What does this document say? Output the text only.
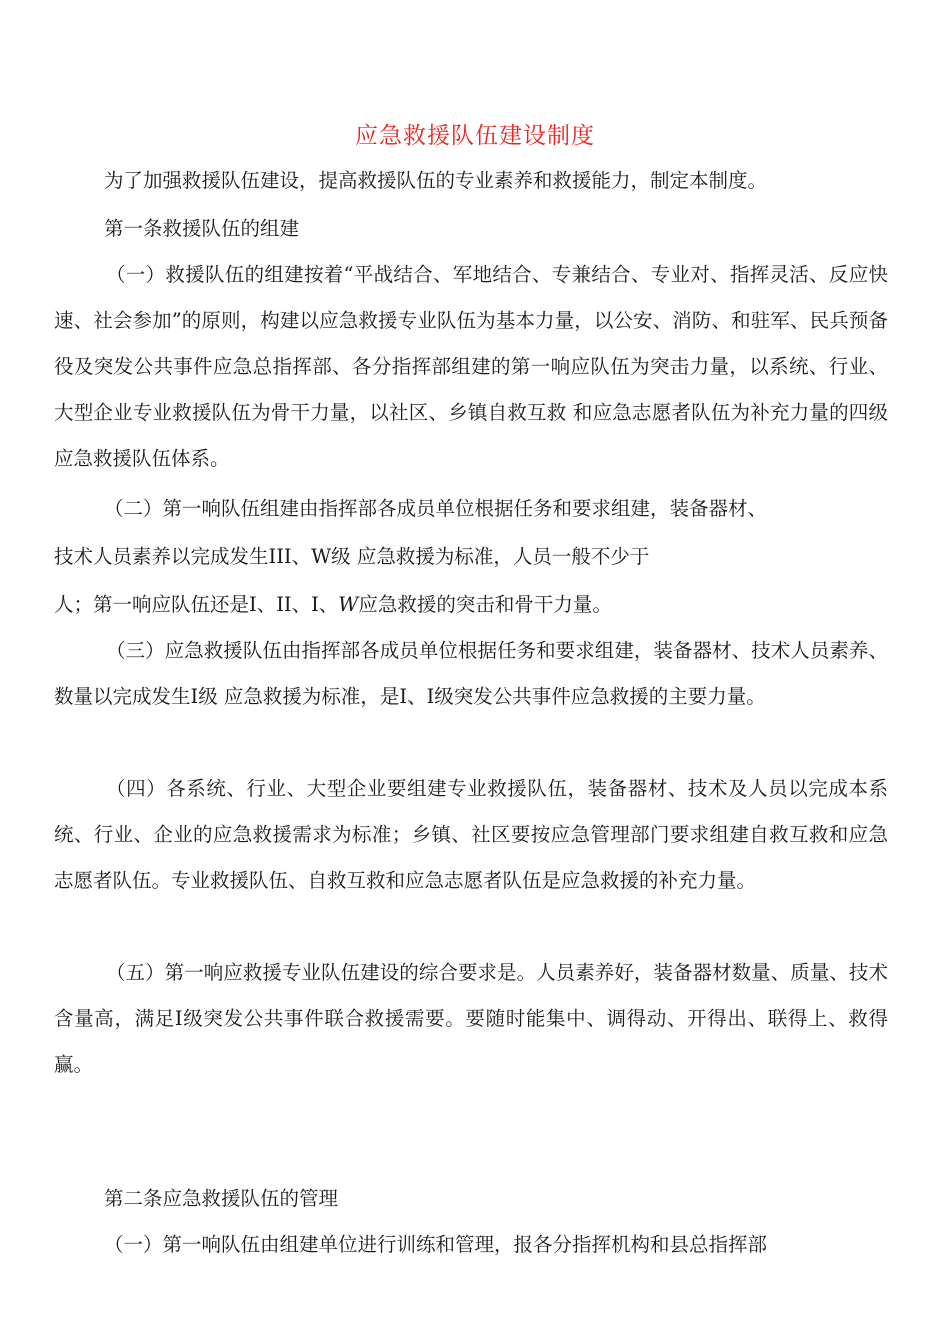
应急救援队伍建设制度

为了加强救援队伍建设，提高救援队伍的专业素养和救援能力，制定本制度。

第一条救援队伍的组建

（一）救援队伍的组建按着“平战结合、军地结合、专兼结合、专业对、指挥灵活、反应快速、社会参加”的原则，构建以应急救援专业队伍为基本力量，以公安、消防、和驻军、民兵预备役及突发公共事件应急总指挥部、各分指挥部组建的第一响应队伍为突击力量，以系统、行业、大型企业专业救援队伍为骨干力量，以社区、乡镇自救互救 和应急志愿者队伍为补充力量的四级应急救援队伍体系。

（二）第一响队伍组建由指挥部各成员单位根据任务和要求组建，装备器材、

技术人员素养以完成发生III、W级 应急救援为标准，人员一般不少于

人；第一响应队伍还是I、II、I、𝑊应急救援的突击和骨干力量。

（三）应急救援队伍由指挥部各成员单位根据任务和要求组建，装备器材、技术人员素养、数量以完成发生I级 应急救援为标准，是I、I级突发公共事件应急救援的主要力量。

（四）各系统、行业、大型企业要组建专业救援队伍，装备器材、技术及人员以完成本系统、行业、企业的应急救援需求为标准；乡镇、社区要按应急管理部门要求组建自救互救和应急志愿者队伍。专业救援队伍、自救互救和应急志愿者队伍是应急救援的补充力量。

（五）第一响应救援专业队伍建设的综合要求是。人员素养好，装备器材数量、质量、技术含量高，满足I级突发公共事件联合救援需要。要随时能集中、调得动、开得出、联得上、救得赢。

第二条应急救援队伍的管理

（一）第一响队伍由组建单位进行训练和管理，报各分指挥机构和县总指挥部
